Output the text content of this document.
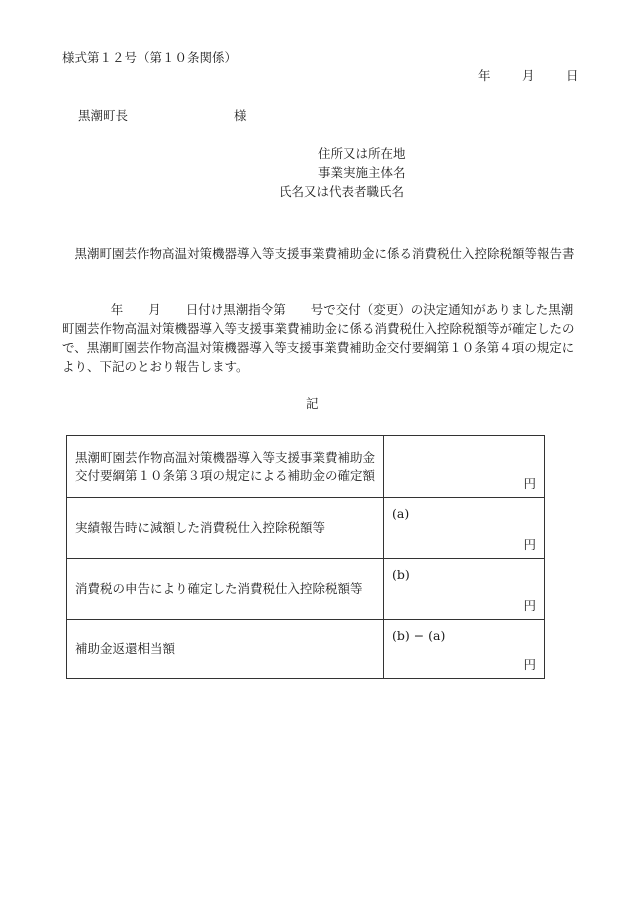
様式第１２号（第１０条関係）
年	月	日
黒潮町長	様
住所又は所在地
事業実施主体名
氏名又は代表者職氏名
黒潮町園芸作物高温対策機器導入等支援事業費補助金に係る消費税仕入控除税額等報告書
年　　月　　日付け黒潮指令第　　号で交付（変更）の決定通知がありました黒潮町園芸作物高温対策機器導入等支援事業費補助金に係る消費税仕入控除税額等が確定したので、黒潮町園芸作物高温対策機器導入等支援事業費補助金交付要綱第１０条第４項の規定により、下記のとおり報告します。
記
黒潮町園芸作物高温対策機器導入等支援事業費補助金交付要綱第１０条第３項の規定による補助金の確定額	円

実績報告時に減額した消費税仕入控除税額等	(a)
円

消費税の申告により確定した消費税仕入控除税額等	(b)
円

補助金返還相当額	(b) − (a)
円
